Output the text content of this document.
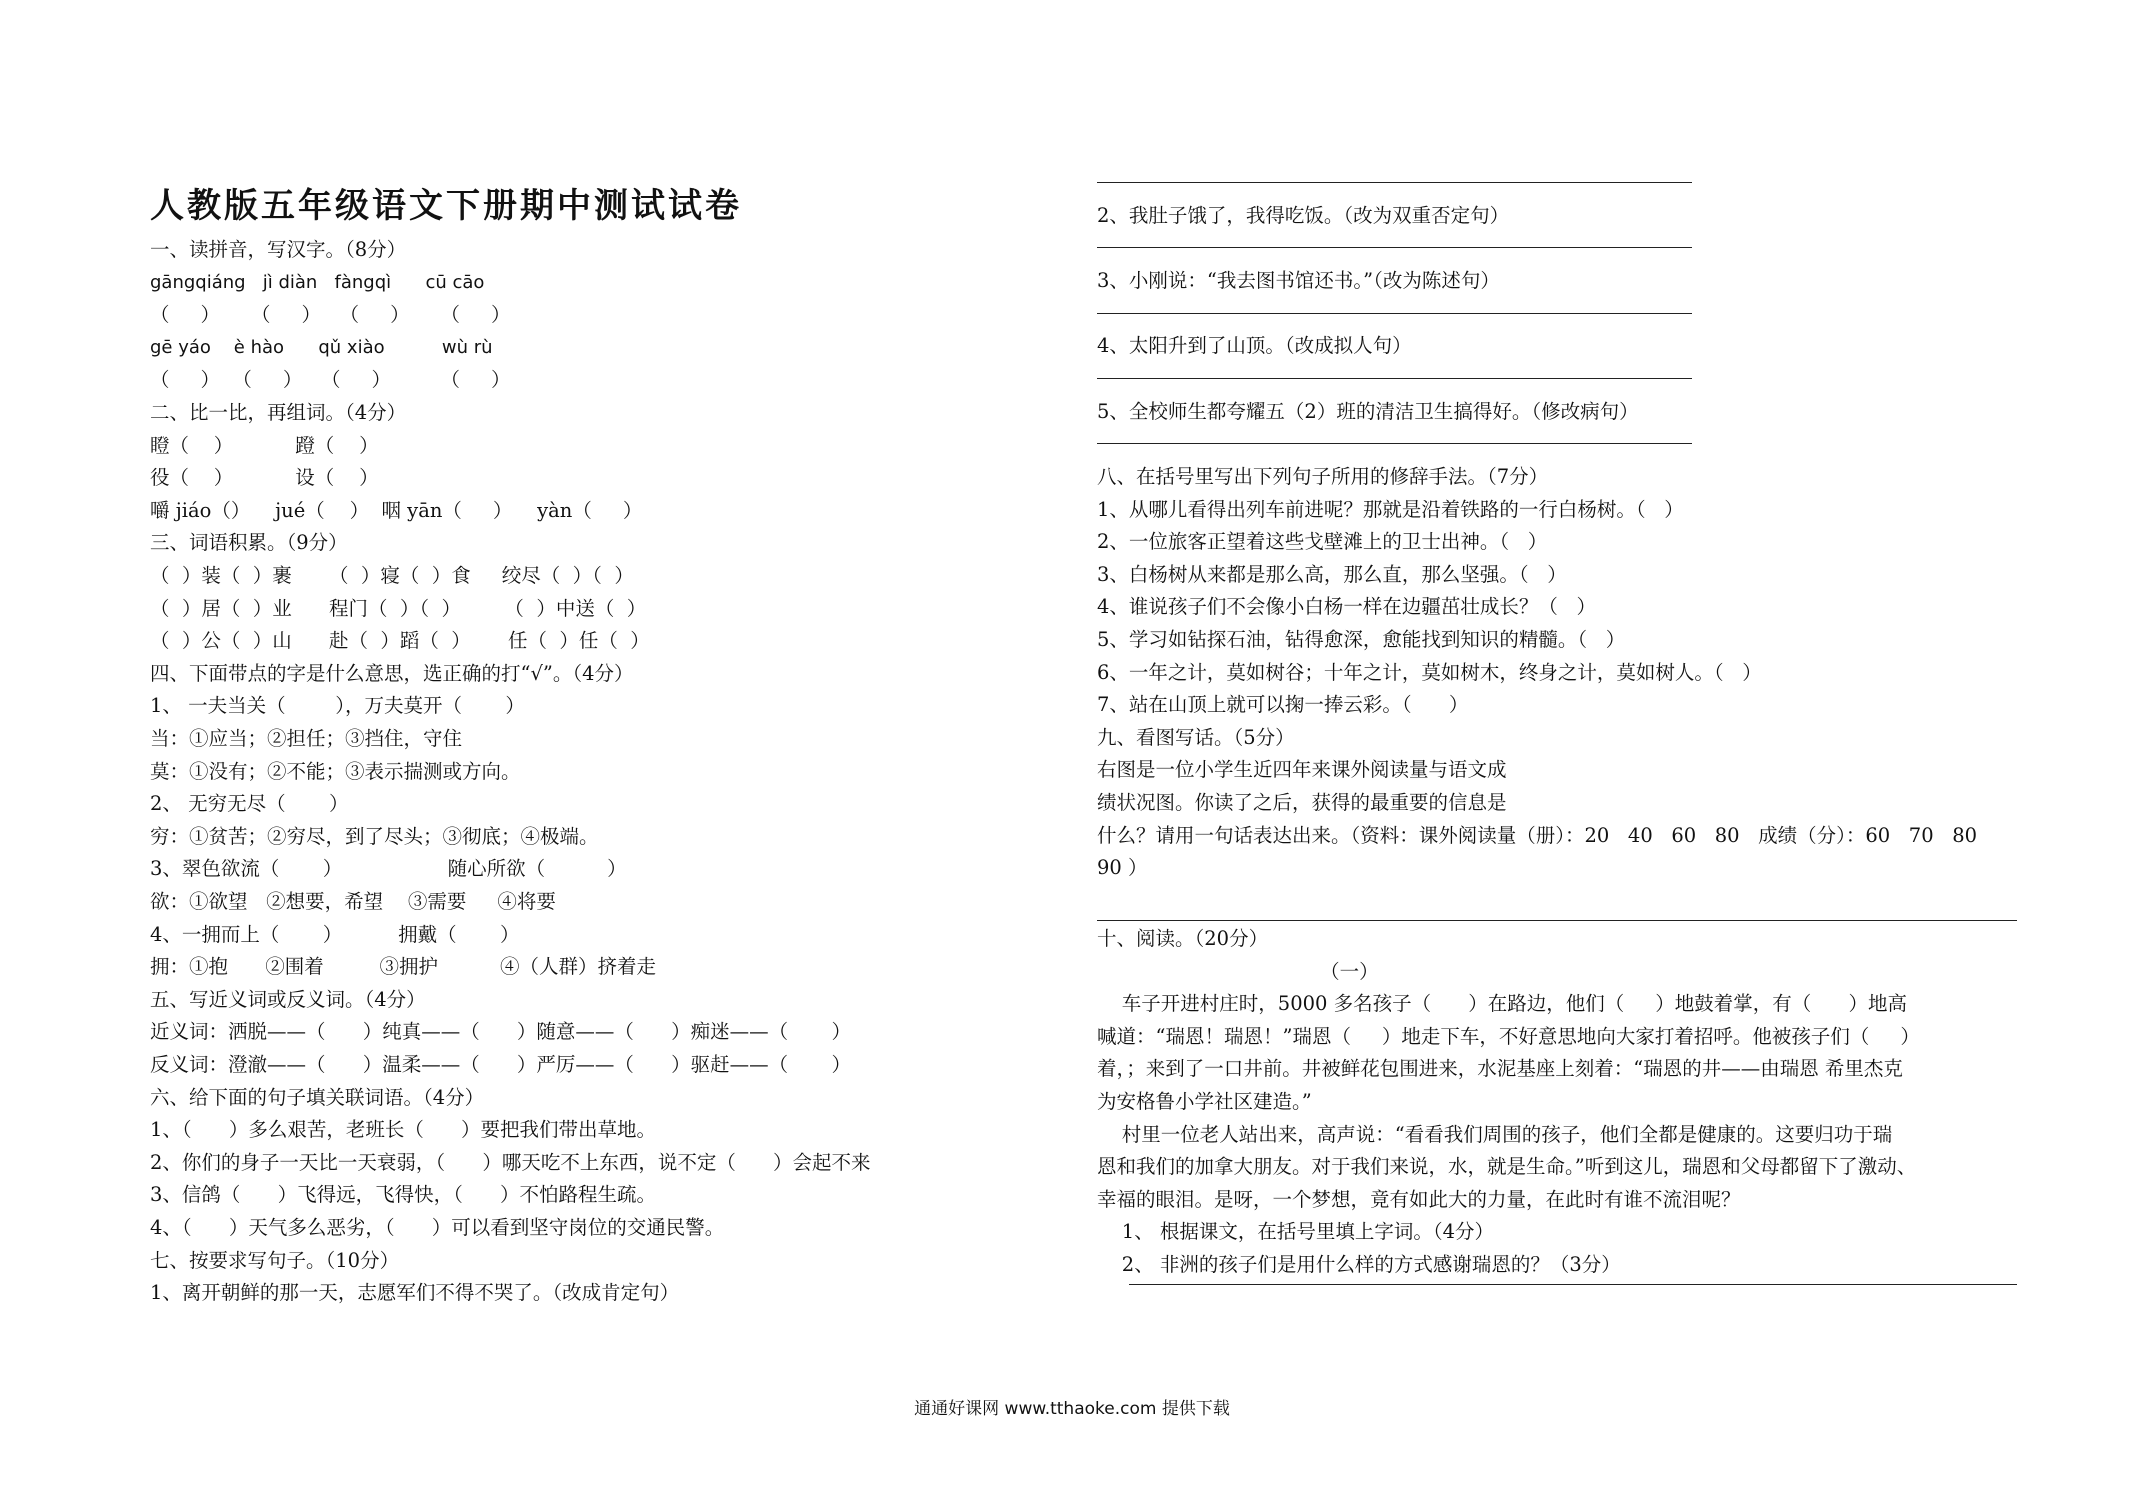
人教版五年级语文下册期中测试试卷
一、读拼音，写汉字。（8分）
gāngqiáng   jì diàn   fàngqì      cū cāo
（     ）     （     ）   （     ）     （     ）
gē yáo    è hào      qǔ xiào          wù rù
（     ）  （     ）   （     ）        （     ）
二、比一比，再组词。（4分）
瞪（    ）          蹬（    ）
役（    ）          设（    ）
嚼 jiáo（）    jué（    ）  咽 yān（     ）    yàn（     ）
三、词语积累。（9分）
（  ）装（  ）裹      （  ）寝（  ）食     绞尽（  ）（  ）
（  ）居（  ）业      程门（  ）（  ）       （  ）中送（  ）
（  ）公（  ）山      赴（  ）蹈（  ）      任（  ）任（  ）
四、下面带点的字是什么意思，选正确的打“√”。（4分）
1、 一夫当关（        ），万夫莫开（       ）
当：①应当；②担任；③挡住，守住
莫：①没有；②不能；③表示揣测或方向。
2、 无穷无尽（       ）
穷：①贫苦；②穷尽，到了尽头；③彻底；④极端。
3、翠色欲流（       ）                 随心所欲（          ）
欲：①欲望   ②想要，希望    ③需要     ④将要
4、一拥而上（       ）         拥戴（       ）
拥：①抱      ②围着         ③拥护          ④（人群）挤着走
五、写近义词或反义词。（4分）
近义词：洒脱——（      ）纯真——（      ）随意——（      ）痴迷——（       ）
反义词：澄澈——（      ）温柔——（      ）严厉——（      ）驱赶——（       ）
六、给下面的句子填关联词语。（4分）
1、（      ）多么艰苦，老班长（      ）要把我们带出草地。
2、你们的身子一天比一天衰弱，（      ）哪天吃不上东西，说不定（      ）会起不来
3、信鸽（      ）飞得远，飞得快，（      ）不怕路程生疏。
4、（      ）天气多么恶劣，（      ）可以看到坚守岗位的交通民警。
七、按要求写句子。（10分）
1、离开朝鲜的那一天，志愿军们不得不哭了。（改成肯定句）
2、我肚子饿了，我得吃饭。（改为双重否定句）
3、小刚说：“我去图书馆还书。”（改为陈述句）
4、太阳升到了山顶。（改成拟人句）
5、全校师生都夸耀五（2）班的清洁卫生搞得好。（修改病句）
八、在括号里写出下列句子所用的修辞手法。（7分）
1、从哪儿看得出列车前进呢？那就是沿着铁路的一行白杨树。（   ）
2、一位旅客正望着这些戈壁滩上的卫士出神。（   ）
3、白杨树从来都是那么高，那么直，那么坚强。（   ）
4、谁说孩子们不会像小白杨一样在边疆茁壮成长？（   ）
5、学习如钻探石油，钻得愈深，愈能找到知识的精髓。（   ）
6、一年之计，莫如树谷；十年之计，莫如树木，终身之计，莫如树人。（   ）
7、站在山顶上就可以掬一捧云彩。（      ）
九、看图写话。（5分）
右图是一位小学生近四年来课外阅读量与语文成
绩状况图。你读了之后，获得的最重要的信息是
什么？请用一句话表达出来。（资料：课外阅读量（册）：20   40   60   80   成绩（分）：60   70   80
90 ）
十、阅读。（20分）
（一）
车子开进村庄时，5000 多名孩子（      ）在路边，他们（     ）地鼓着掌，有（      ）地高
喊道：“瑞恩！瑞恩！”瑞恩（     ）地走下车，不好意思地向大家打着招呼。他被孩子们（     ）
着，；来到了一口井前。井被鲜花包围进来，水泥基座上刻着：“瑞恩的井——由瑞恩 希里杰克
为安格鲁小学社区建造。”
村里一位老人站出来，高声说：“看看我们周围的孩子，他们全都是健康的。这要归功于瑞
恩和我们的加拿大朋友。对于我们来说，水，就是生命。”听到这儿，瑞恩和父母都留下了激动、
幸福的眼泪。是呀，一个梦想，竟有如此大的力量，在此时有谁不流泪呢？
1、 根据课文，在括号里填上字词。（4分）
2、 非洲的孩子们是用什么样的方式感谢瑞恩的？（3分）
通通好课网 www.tthaoke.com 提供下载
